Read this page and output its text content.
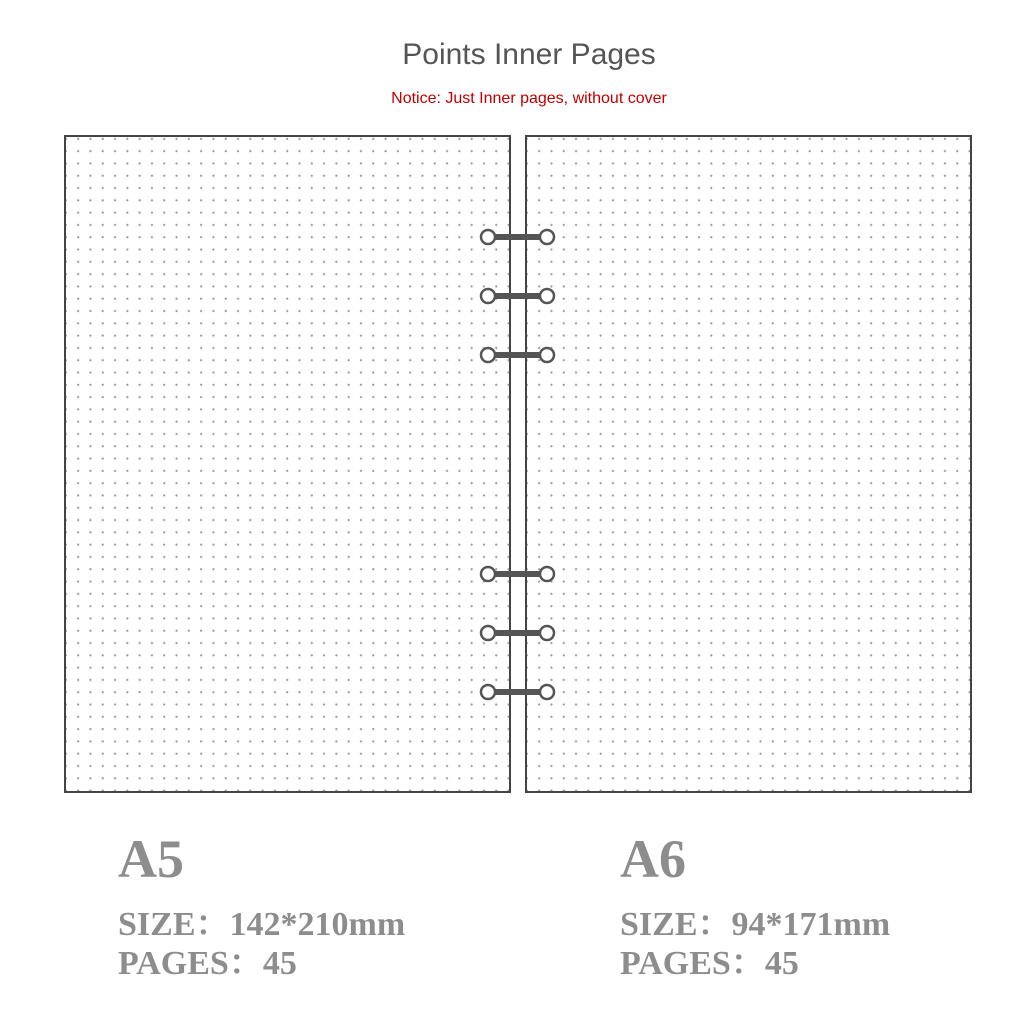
Points Inner Pages
Notice: Just Inner pages, without cover
A5
SIZE：142*210mm
PAGES：45
A6
SIZE：94*171mm
PAGES：45
